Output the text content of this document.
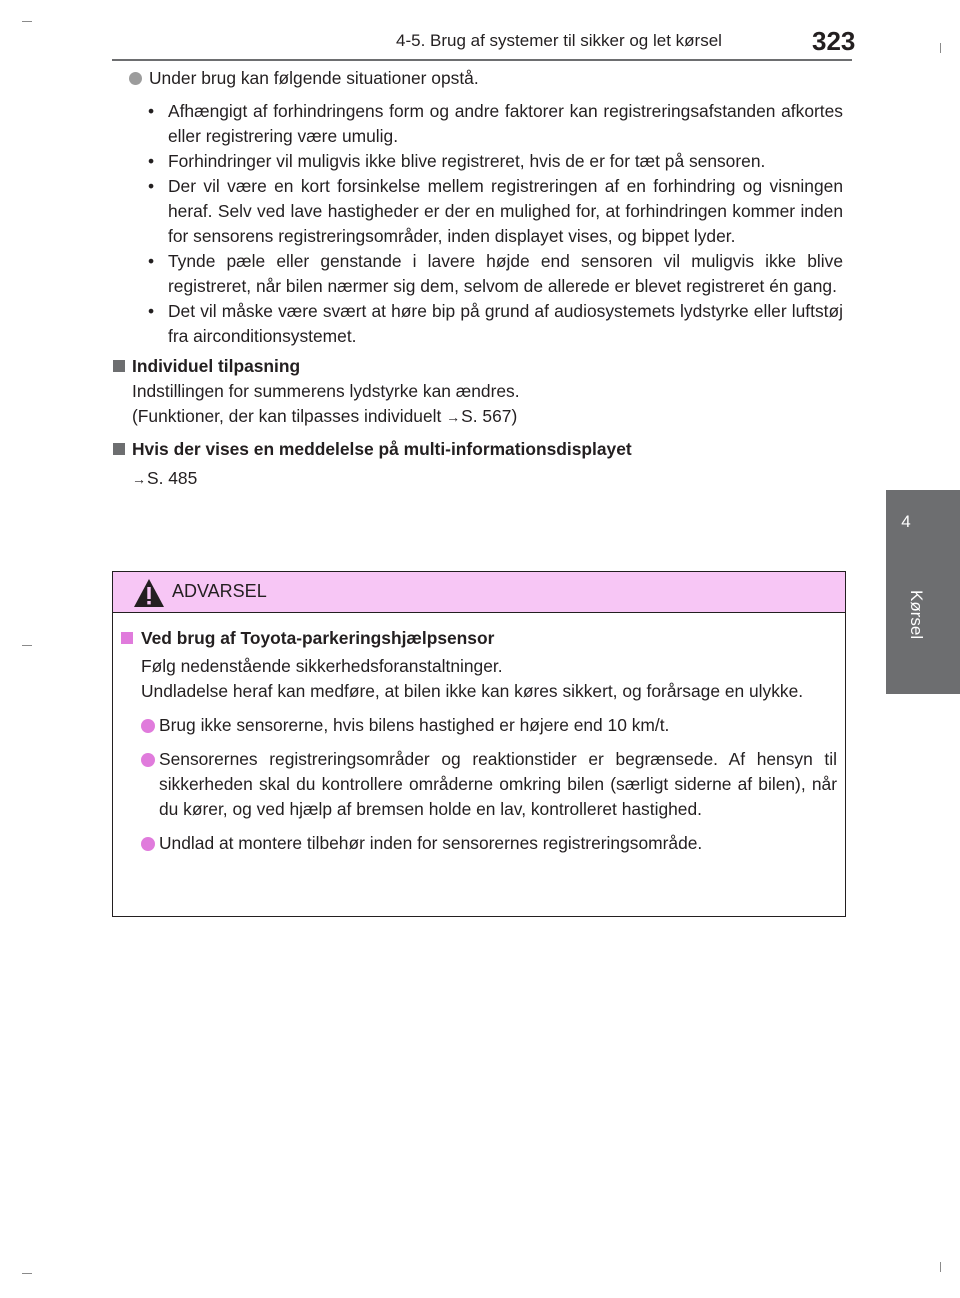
4-5. Brug af systemer til sikker og let kørsel	323
4
Kørsel
Under brug kan følgende situationer opstå.
• Afhængigt af forhindringens form og andre faktorer kan registreringsafstanden afkortes eller registrering være umulig.
• Forhindringer vil muligvis ikke blive registreret, hvis de er for tæt på sensoren.
• Der vil være en kort forsinkelse mellem registreringen af en forhindring og visningen heraf. Selv ved lave hastigheder er der en mulighed for, at forhindringen kommer inden for sensorens registreringsområder, inden displayet vises, og bippet lyder.
• Tynde pæle eller genstande i lavere højde end sensoren vil muligvis ikke blive registreret, når bilen nærmer sig dem, selvom de allerede er blevet registreret én gang.
• Det vil måske være svært at høre bip på grund af audiosystemets lydstyrke eller luftstøj fra airconditionsystemet.
Individuel tilpasning
Indstillingen for summerens lydstyrke kan ændres.
(Funktioner, der kan tilpasses individuelt →S. 567)
Hvis der vises en meddelelse på multi-informationsdisplayet
→S. 485
ADVARSEL
Ved brug af Toyota-parkeringshjælpsensor
Følg nedenstående sikkerhedsforanstaltninger.
Undladelse heraf kan medføre, at bilen ikke kan køres sikkert, og forårsage en ulykke.
Brug ikke sensorerne, hvis bilens hastighed er højere end 10 km/t.
Sensorernes registreringsområder og reaktionstider er begrænsede. Af hensyn til sikkerheden skal du kontrollere områderne omkring bilen (særligt siderne af bilen), når du kører, og ved hjælp af bremsen holde en lav, kontrolleret hastighed.
Undlad at montere tilbehør inden for sensorernes registreringsområde.
